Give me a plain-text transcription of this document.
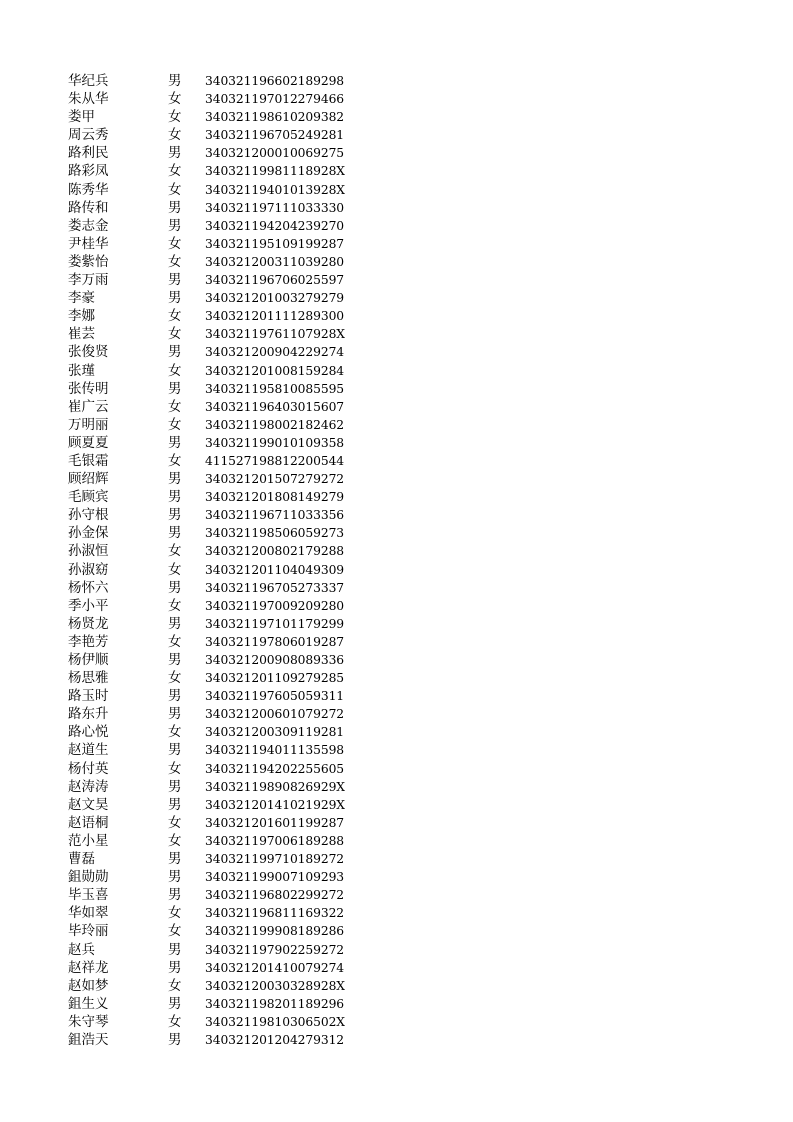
华纪兵	男 340321196602189298
朱从华	女 340321197012279466
娄甲	女 340321198610209382
周云秀	女 340321196705249281
路利民	男 340321200010069275
路彩凤	女 34032119981118928X
陈秀华	女 34032119401013928X
路传和	男 340321197111033330
娄志金	男 340321194204239270
尹桂华	女 340321195109199287
娄紫怡	女 340321200311039280
李万雨	男 340321196706025597
李豪	男 340321201003279279
李娜	女 340321201111289300
崔芸	女 34032119761107928X
张俊贤	男 340321200904229274
张瑾	女 340321201008159284
张传明	男 340321195810085595
崔广云	女 340321196403015607
万明丽	女 340321198002182462
顾夏夏	男 340321199010109358
毛银霜	女 411527198812200544
顾绍辉	男 340321201507279272
毛顾宾	男 340321201808149279
孙守根	男 340321196711033356
孙金保	男 340321198506059273
孙淑恒	女 340321200802179288
孙淑窈	女 340321201104049309
杨怀六	男 340321196705273337
季小平	女 340321197009209280
杨贤龙	男 340321197101179299
李艳芳	女 340321197806019287
杨伊顺	男 340321200908089336
杨思雅	女 340321201109279285
路玉时	男 340321197605059311
路东升	男 340321200601079272
路心悦	女 340321200309119281
赵道生	男 340321194011135598
杨付英	女 340321194202255605
赵涛涛	男 34032119890826929X
赵文昊	男 34032120141021929X
赵语桐	女 340321201601199287
范小星	女 340321197006189288
曹磊	男 340321199710189272
鉏勋勋	男 340321199007109293
毕玉喜	男 340321196802299272
华如翠	女 340321196811169322
毕玲丽	女 340321199908189286
赵兵	男 340321197902259272
赵祥龙	男 340321201410079274
赵如梦	女 34032120030328928X
鉏生义	男 340321198201189296
朱守琴	女 34032119810306502X
鉏浩天	男 340321201204279312
